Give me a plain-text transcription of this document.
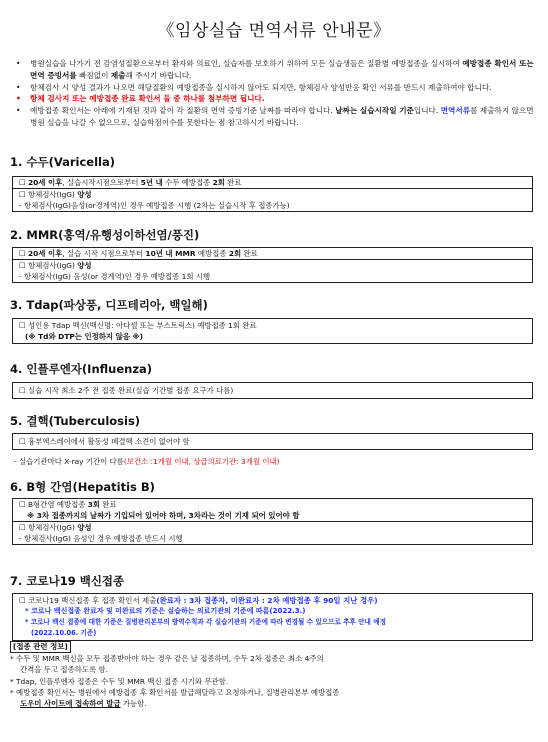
《임상실습 면역서류 안내문》
• 병원실습을 나가기 전 감염성질환으로부터 환자와 의료인, 실습자를 보호하기 위하여 모든 실습생들은 질환별 예방접종을 실시하여 예방접종 확인서 또는 면역 증빙서를 빠짐없이 제출해 주시기 바랍니다.
• 항체검사 시 양성 결과가 나오면 해당질환의 예방접종을 실시하지 않아도 되지만, 항체검사 양성반응 확인 서류를 반드시 제출하여야 합니다.
• 항체 검사지 또는 예방접종 완료 확인서 둘 중 하나를 첨부하면 됩니다.
• 예방접종 확인서는 아래에 기재된 것과 같이 각 질환의 면역 증빙기준 날짜를 따라야 합니다. 날짜는 실습시작일 기준입니다. 면역서류를 제출하지 않으면 병원 실습을 나갈 수 없으므로, 실습학점이수를 못한다는 점 참고하시기 바랍니다.
1. 수두(Varicella)
☐ 20세 이후, 실습시작시점으로부터 5년 내 수두 예방접종 2회 완료
☐ 항체검사(IgG) 양성
- 항체검사(IgG)음성(or경계역)인 경우 예방접종 시행 (2차는 실습시작 후 접종가능)
2. MMR(홍역/유행성이하선염/풍진)
☐ 20세 이후, 실습 시작 시점으로부터 10년 내 MMR 예방접종 2회 완료
☐ 항체검사(IgG) 양성
- 항체검사(IgG) 음성(or 경계역)인 경우 예방접종 1회 시행
3. Tdap(파상풍, 디프테리아, 백일해)
☐ 성인용 Tdap 백신(백신명: 아다셀 또는 부스트릭스) 예방접종 1회 완료
(※ Td와 DTP는 인정하지 않음 ※)
4. 인플루엔자(Influenza)
☐ 실습 시작 최소 2주 전 접종 완료(실습 기간별 접종 요구가 다름)
5. 결핵(Tuberculosis)
☐ 흉부엑스레이에서 활동성 폐결핵 소견이 없어야 함
- 실습기관마다 X-ray 기간이 다름(보건소 :1개월 이내, 상급의료기관: 3개월 이내)
6. B형 간염(Hepatitis B)
☐ B형간염 예방접종 3회 완료
※ 3차 접종까지의 날짜가 기입되어 있어야 하며, 3차라는 것이 기재 되어 있어야 함
☐ 항체검사(IgG) 양성
- 항체검사(IgG) 음성인 경우 예방접종 반드시 시행
7. 코로나19 백신접종
☐ 코로나19 백신접종 후 접종 확인서 제출(완료자 : 3차 접종자, 미완료자 : 2차 예방접종 후 90일 지난 경우)
* 코로나 백신접종 완료자 및 미완료의 기준은 실습하는 의료기관의 기준에 따름(2022.3.)
* 코로나 백신 접종에 대한 기준은 질병관리본부의 방역수칙과 각 실습기관의 기준에 따라 변경될 수 있으므로 추후 안내 예정
(2022.10.06. 기준)
[접종 관련 정보]
* 수두 및 MMR 백신을 모두 접종받아야 하는 경우 같은 날 접종하며, 수두 2차 접종은 최소 4주의
간격을 두고 접종하도록 함.
* Tdap, 인플루엔자 접종은 수두 및 MMR 백신 접종 시기와 무관함.
* 예방접종 확인서는 병원에서 예방접종 후 확인서를 발급해달라고 요청하거나, 질병관리본부 예방접종
도우미 사이트에 접속하여 발급 가능함.
